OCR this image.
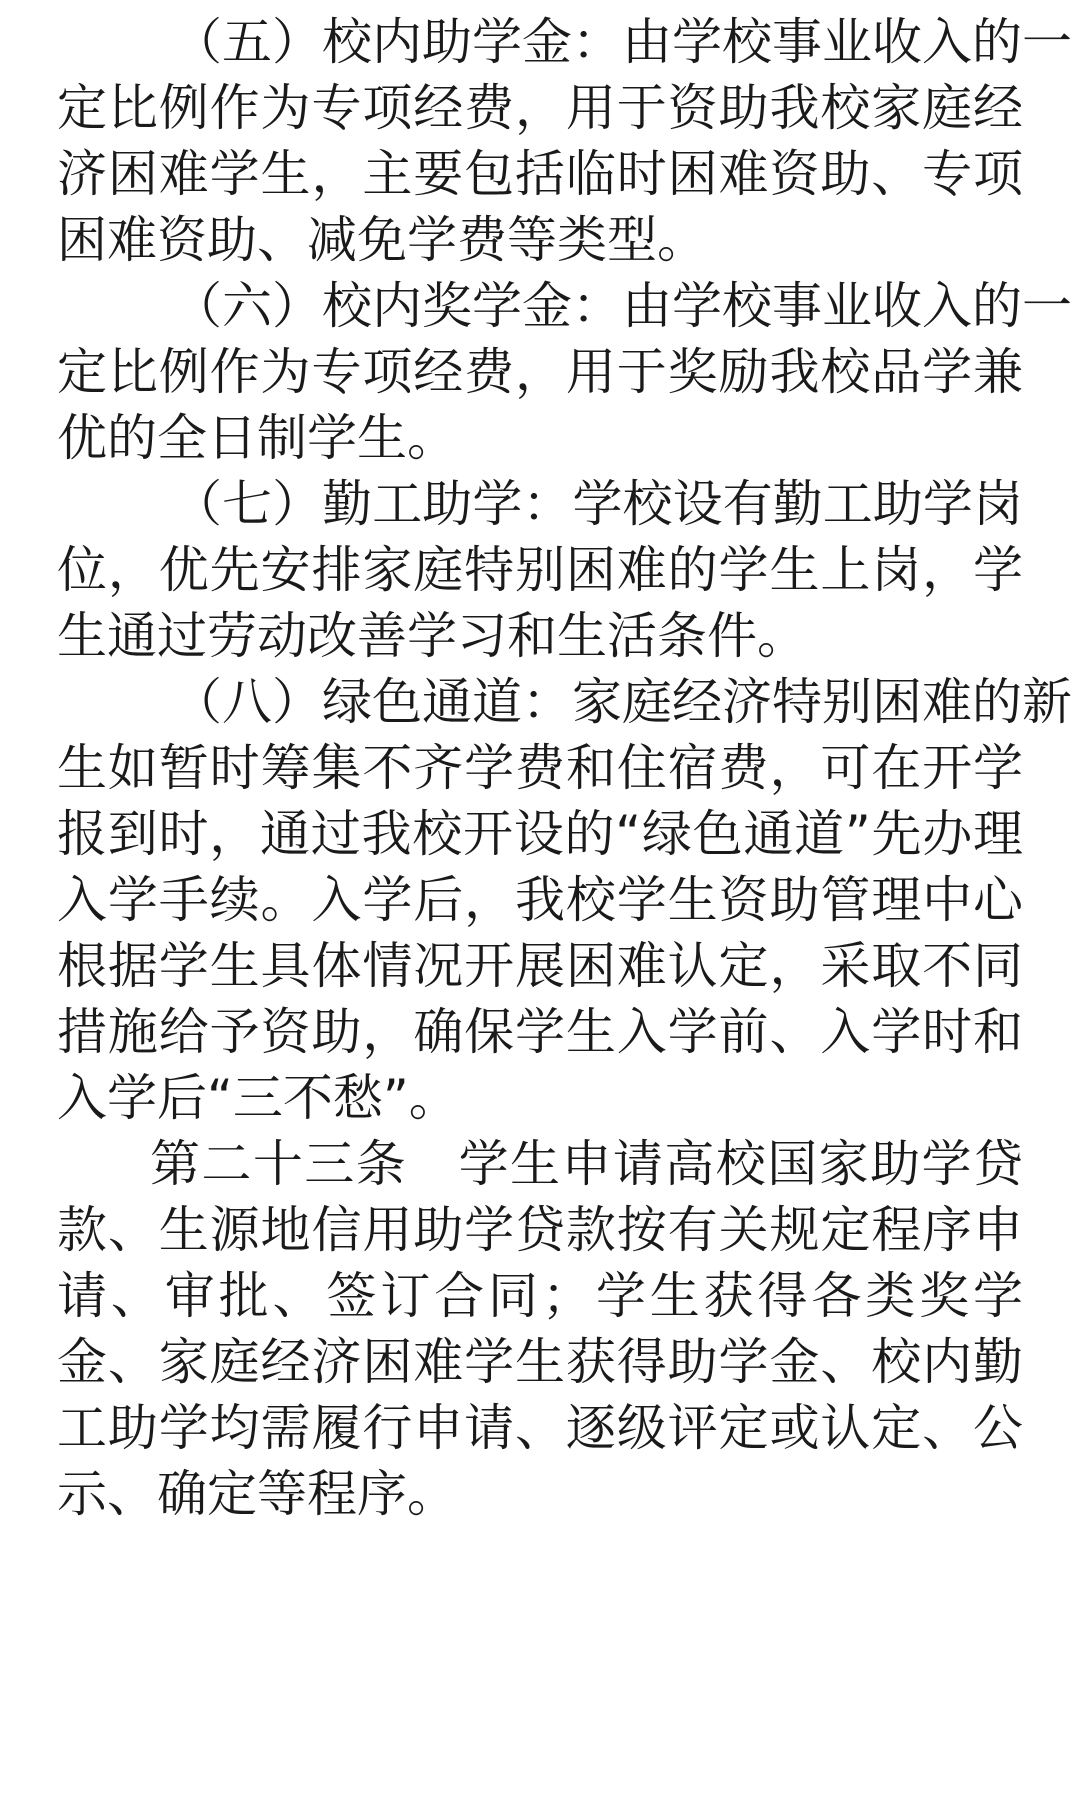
（五）校内助学金：由学校事业收入的一
定比例作为专项经费，用于资助我校家庭经
济困难学生，主要包括临时困难资助、专项
困难资助、减免学费等类型。
（六）校内奖学金：由学校事业收入的一
定比例作为专项经费，用于奖励我校品学兼
优的全日制学生。
（七）勤工助学：学校设有勤工助学岗
位，优先安排家庭特别困难的学生上岗，学
生通过劳动改善学习和生活条件。
（八）绿色通道：家庭经济特别困难的新
生如暂时筹集不齐学费和住宿费，可在开学
报到时，通过我校开设的“绿色通道”先办理
入学手续。入学后，我校学生资助管理中心
根据学生具体情况开展困难认定，采取不同
措施给予资助，确保学生入学前、入学时和
入学后“三不愁”。
第二十三条　学生申请高校国家助学贷
款、生源地信用助学贷款按有关规定程序申
请、审批、签订合同；学生获得各类奖学
金、家庭经济困难学生获得助学金、校内勤
工助学均需履行申请、逐级评定或认定、公
示、确定等程序。
